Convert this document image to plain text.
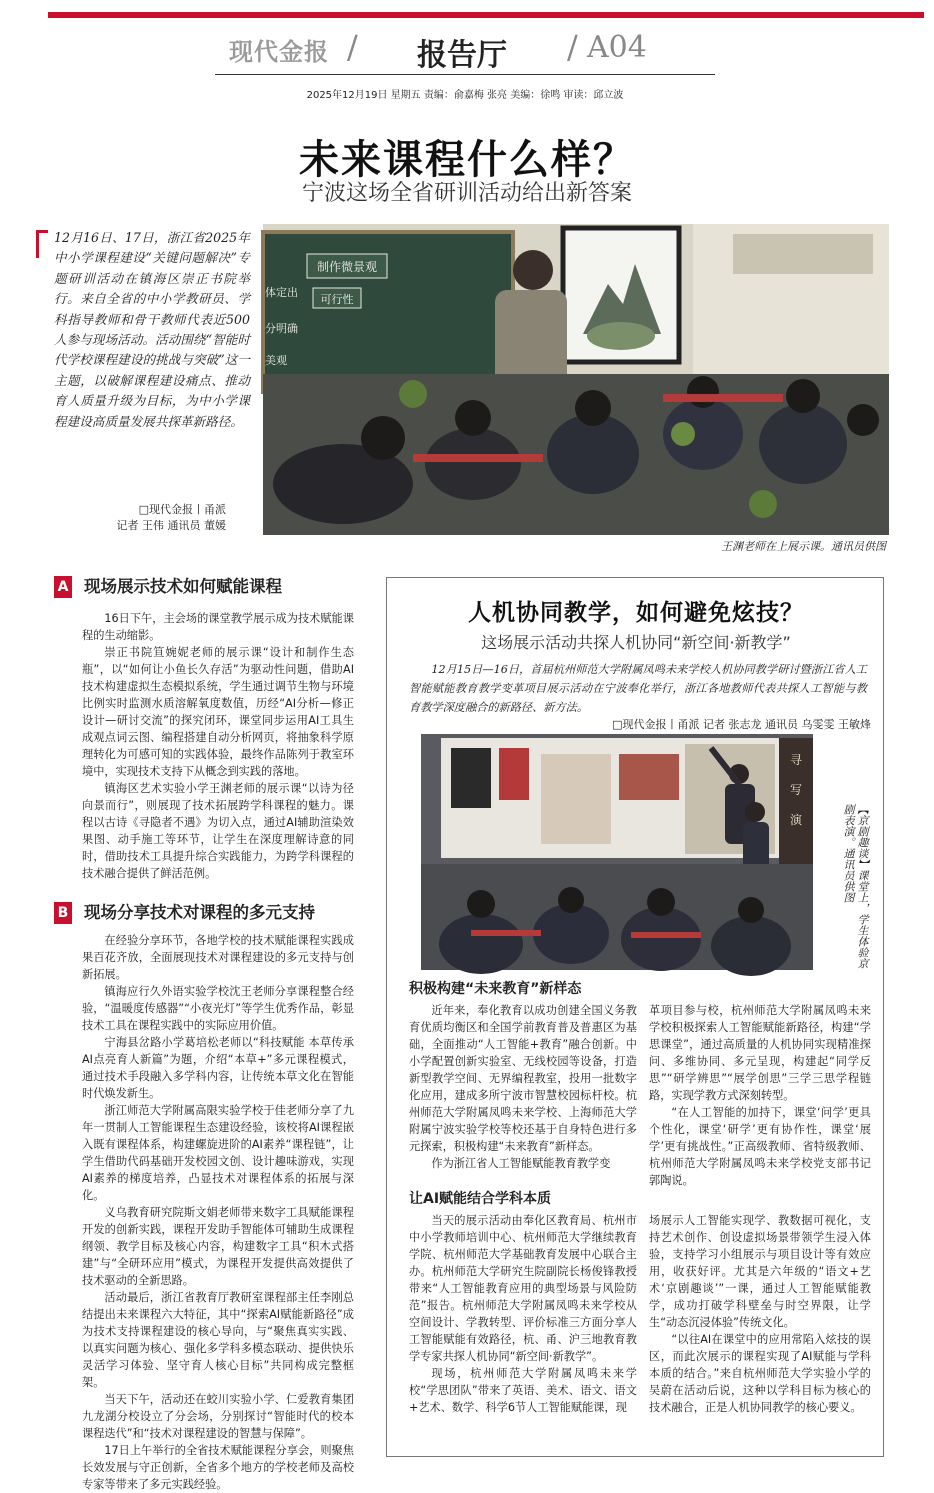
现代金报 / 报告厅 / A04
2025年12月19日 星期五 责编：俞嘉梅 张亮 美编：徐鸣 审读：邱立波
未来课程什么样？
宁波这场全省研训活动给出新答案
12月16日、17日，浙江省2025年中小学课程建设“关键问题解决”专题研训活动在镇海区崇正书院举行。来自全省的中小学教研员、学科指导教师和骨干教师代表近500人参与现场活动。活动围绕“智能时代学校课程建设的挑战与突破”这一主题，以破解课程建设痛点、推动育人质量升级为目标，为中小学课程建设高质量发展共探革新路径。
□现代金报丨甬派
记者 王伟 通讯员 董媛
制作微景观
可行性
体定出
分明确
美观
王渊老师在上展示课。通讯员供图
A 现场展示技术如何赋能课程

16日下午，主会场的课堂教学展示成为技术赋能课程的生动缩影。

崇正书院笪婉妮老师的展示课“设计和制作生态瓶”，以“如何让小鱼长久存活”为驱动性问题，借助AI技术构建虚拟生态模拟系统，学生通过调节生物与环境比例实时监测水质溶解氧度数值，历经“AI分析—修正设计—研讨交流”的探究闭环，课堂同步运用AI工具生成观点词云图、编程搭建自动分析网页，将抽象科学原理转化为可感可知的实践体验，最终作品陈列于教室环境中，实现技术支持下从概念到实践的落地。

镇海区艺术实验小学王渊老师的展示课“以诗为径 向景而行”，则展现了技术拓展跨学科课程的魅力。课程以古诗《寻隐者不遇》为切入点，通过AI辅助渲染效果图、动手施工等环节，让学生在深度理解诗意的同时，借助技术工具提升综合实践能力，为跨学科课程的技术融合提供了鲜活范例。

B 现场分享技术对课程的多元支持

在经验分享环节，各地学校的技术赋能课程实践成果百花齐放，全面展现技术对课程建设的多元支持与创新拓展。

镇海应行久外语实验学校沈王老师分享课程整合经验，“温暖度传感器”“小夜光灯”等学生优秀作品，彰显技术工具在课程实践中的实际应用价值。

宁海县岔路小学葛培松老师以“科技赋能 本草传承 AI点亮育人新篇”为题，介绍“本草+”多元课程模式，通过技术手段融入多学科内容，让传统本草文化在智能时代焕发新生。

浙江师范大学附属高限实验学校于佳老师分享了九年一贯制人工智能课程生态建设经验，该校将AI课程嵌入既有课程体系，构建螺旋进阶的AI素养“课程链”，让学生借助代码基础开发校园文创、设计趣味游戏，实现AI素养的梯度培养，凸显技术对课程体系的拓展与深化。

义乌教育研究院斯文娟老师带来数字工具赋能课程开发的创新实践，课程开发助手智能体可辅助生成课程纲领、教学目标及核心内容，构建数字工具“积木式搭建”与“全研环应用”模式，为课程开发提供高效提供了技术驱动的全新思路。

活动最后，浙江省教育厅教研室课程部主任李刚总结提出未来课程六大特征，其中“探索AI赋能新路径”成为技术支持课程建设的核心导向，与“聚焦真实实践、以真实问题为核心、强化多学科多模态联动、提供快乐灵活学习体验、坚守育人核心目标”共同构成完整框架。

当天下午，活动还在蛟川实验小学、仁爱教育集团九龙湖分校设立了分会场，分别探讨“智能时代的校本课程迭代”和“技术对课程建设的智慧与保障”。

17日上午举行的全省技术赋能课程分享会，则聚焦长效发展与守正创新，全省多个地方的学校老师及高校专家等带来了多元实践经验。

人机协同教学，如何避免炫技？
这场展示活动共探人机协同“新空间·新教学”
12月15日—16日，首届杭州师范大学附属凤鸣未来学校人机协同教学研讨暨浙江省人工智能赋能教育教学变革项目展示活动在宁波奉化举行，浙江各地教师代表共探人工智能与教育教学深度融合的新路径、新方法。
□现代金报丨甬派 记者 张志龙 通讯员 乌雯雯 王敏烽
寻
写
演	【京剧趣谈】课堂上，学生体验京剧表演。通讯员供图
积极构建“未来教育”新样态

近年来，奉化教育以成功创建全国义务教育优质均衡区和全国学前教育普及普惠区为基础，全面推动“人工智能+教育”融合创新。中小学配置创新实验室、无线校园等设备，打造新型教学空间、无界编程教室，投用一批数字化应用，建成多所宁波市智慧校园标杆校。杭州师范大学附属凤鸣未来学校、上海师范大学附属宁波实验学校等校还基于自身特色进行多元探索，积极构建“未来教育”新样态。

作为浙江省人工智能赋能教育教学变

革项目参与校，杭州师范大学附属凤鸣未来学校积极探索人工智能赋能新路径，构建“学思课堂”，通过高质量的人机协同实现精准探问、多维协同、多元呈现，构建起“同学反思”“研学辨思”“展学创思”三学三思学程链路，实现学教方式深刻转型。

“在人工智能的加持下，课堂‘问学’更具个性化，课堂‘研学’更有协作性，课堂‘展学’更有挑战性。”正高级教师、省特级教师、杭州师范大学附属凤鸣未来学校党支部书记郭陶说。

让AI赋能结合学科本质

当天的展示活动由奉化区教育局、杭州市中小学教师培训中心、杭州师范大学继续教育学院、杭州师范大学基础教育发展中心联合主办。杭州师范大学研究生院副院长杨俊锋教授带来“人工智能教育应用的典型场景与风险防范”报告。杭州师范大学附属凤鸣未来学校从空间设计、学教转型、评价标准三方面分享人工智能赋能有效路径，杭、甬、沪三地教育教学专家共探人机协同“新空间·新教学”。

现场，杭州师范大学附属凤鸣未来学校“学思团队”带来了英语、美术、语文、语文+艺术、数学、科学6节人工智能赋能课，现

场展示人工智能实现学、教数据可视化，支持艺术创作、创设虚拟场景带领学生浸入体验，支持学习小组展示与项目设计等有效应用，收获好评。尤其是六年级的“语文+艺术‘京剧趣谈’”一课，通过人工智能赋能教学，成功打破学科壁垒与时空界限，让学生“动态沉浸体验”传统文化。

“以往AI在课堂中的应用常陷入炫技的误区，而此次展示的课程实现了AI赋能与学科本质的结合。”来自杭州师范大学实验小学的吴蔚在活动后说，这种以学科目标为核心的技术融合，正是人机协同教学的核心要义。
